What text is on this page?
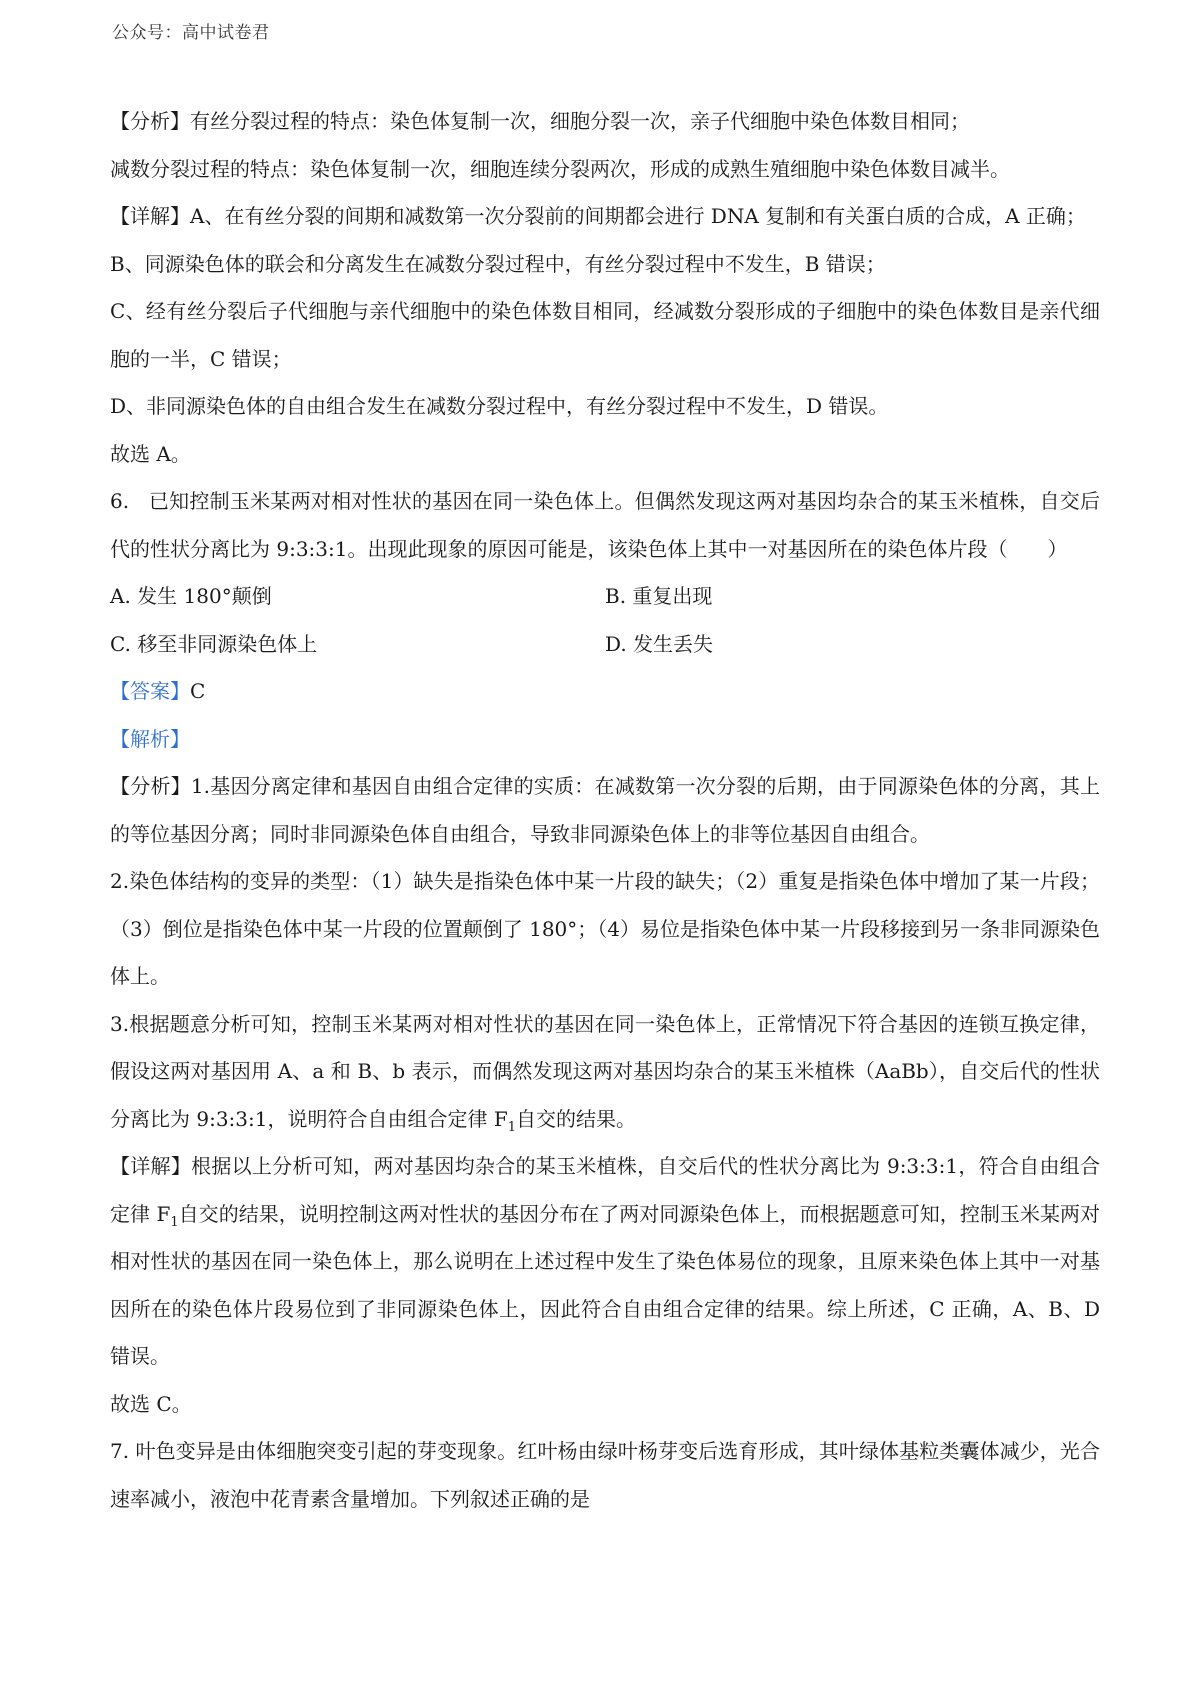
公众号：高中试卷君

【分析】有丝分裂过程的特点：染色体复制一次，细胞分裂一次，亲子代细胞中染色体数目相同；

减数分裂过程的特点：染色体复制一次，细胞连续分裂两次，形成的成熟生殖细胞中染色体数目减半。

【详解】A、在有丝分裂的间期和减数第一次分裂前的间期都会进行 DNA 复制和有关蛋白质的合成，A 正确；

B、同源染色体的联会和分离发生在减数分裂过程中，有丝分裂过程中不发生，B 错误；

C、经有丝分裂后子代细胞与亲代细胞中的染色体数目相同，经减数分裂形成的子细胞中的染色体数目是亲代细胞的一半，C 错误；

D、非同源染色体的自由组合发生在减数分裂过程中，有丝分裂过程中不发生，D 错误。

故选 A。

6. 已知控制玉米某两对相对性状的基因在同一染色体上。但偶然发现这两对基因均杂合的某玉米植株，自交后代的性状分离比为 9:3:3:1。出现此现象的原因可能是，该染色体上其中一对基因所在的染色体片段（　　）

A. 发生 180°颠倒	B. 重复出现
C. 移至非同源染色体上	D. 发生丢失

【答案】C

【解析】

【分析】1.基因分离定律和基因自由组合定律的实质：在减数第一次分裂的后期，由于同源染色体的分离，其上的等位基因分离；同时非同源染色体自由组合，导致非同源染色体上的非等位基因自由组合。

2.染色体结构的变异的类型：（1）缺失是指染色体中某一片段的缺失；（2）重复是指染色体中增加了某一片段；（3）倒位是指染色体中某一片段的位置颠倒了 180°；（4）易位是指染色体中某一片段移接到另一条非同源染色体上。

3.根据题意分析可知，控制玉米某两对相对性状的基因在同一染色体上，正常情况下符合基因的连锁互换定律，假设这两对基因用 A、a 和 B、b 表示，而偶然发现这两对基因均杂合的某玉米植株（AaBb），自交后代的性状分离比为 9:3:3:1，说明符合自由组合定律 $F_1$自交的结果。

【详解】根据以上分析可知，两对基因均杂合的某玉米植株，自交后代的性状分离比为 9:3:3:1，符合自由组合定律 $F_1$自交的结果，说明控制这两对性状的基因分布在了两对同源染色体上，而根据题意可知，控制玉米某两对相对性状的基因在同一染色体上，那么说明在上述过程中发生了染色体易位的现象，且原来染色体上其中一对基因所在的染色体片段易位到了非同源染色体上，因此符合自由组合定律的结果。综上所述，C 正确，A、B、D 错误。

故选 C。

7. 叶色变异是由体细胞突变引起的芽变现象。红叶杨由绿叶杨芽变后选育形成，其叶绿体基粒类囊体减少，光合速率减小，液泡中花青素含量增加。下列叙述正确的是
